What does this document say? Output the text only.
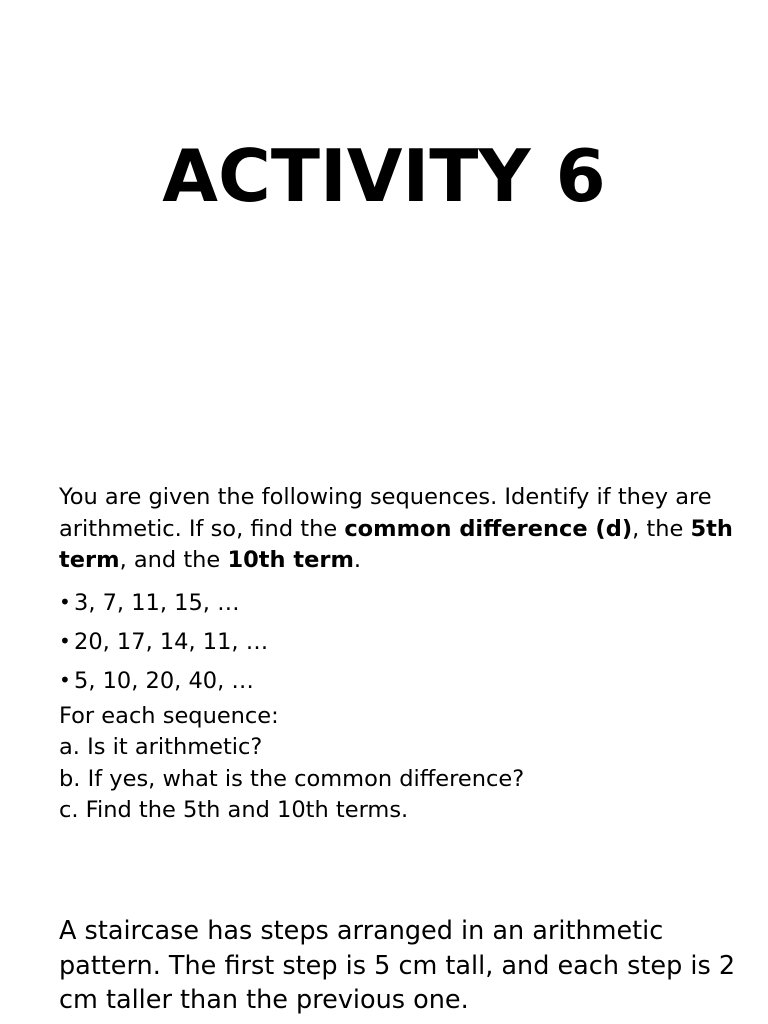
ACTIVITY 6

You are given the following sequences. Identify if they are arithmetic. If so, find the common difference (d), the 5th term, and the 10th term.

• 3, 7, 11, 15, …
• 20, 17, 14, 11, …
• 5, 10, 20, 40, …
For each sequence:
a. Is it arithmetic?
b. If yes, what is the common difference?
c. Find the 5th and 10th terms.

A staircase has steps arranged in an arithmetic pattern. The first step is 5 cm tall, and each step is 2 cm taller than the previous one.
